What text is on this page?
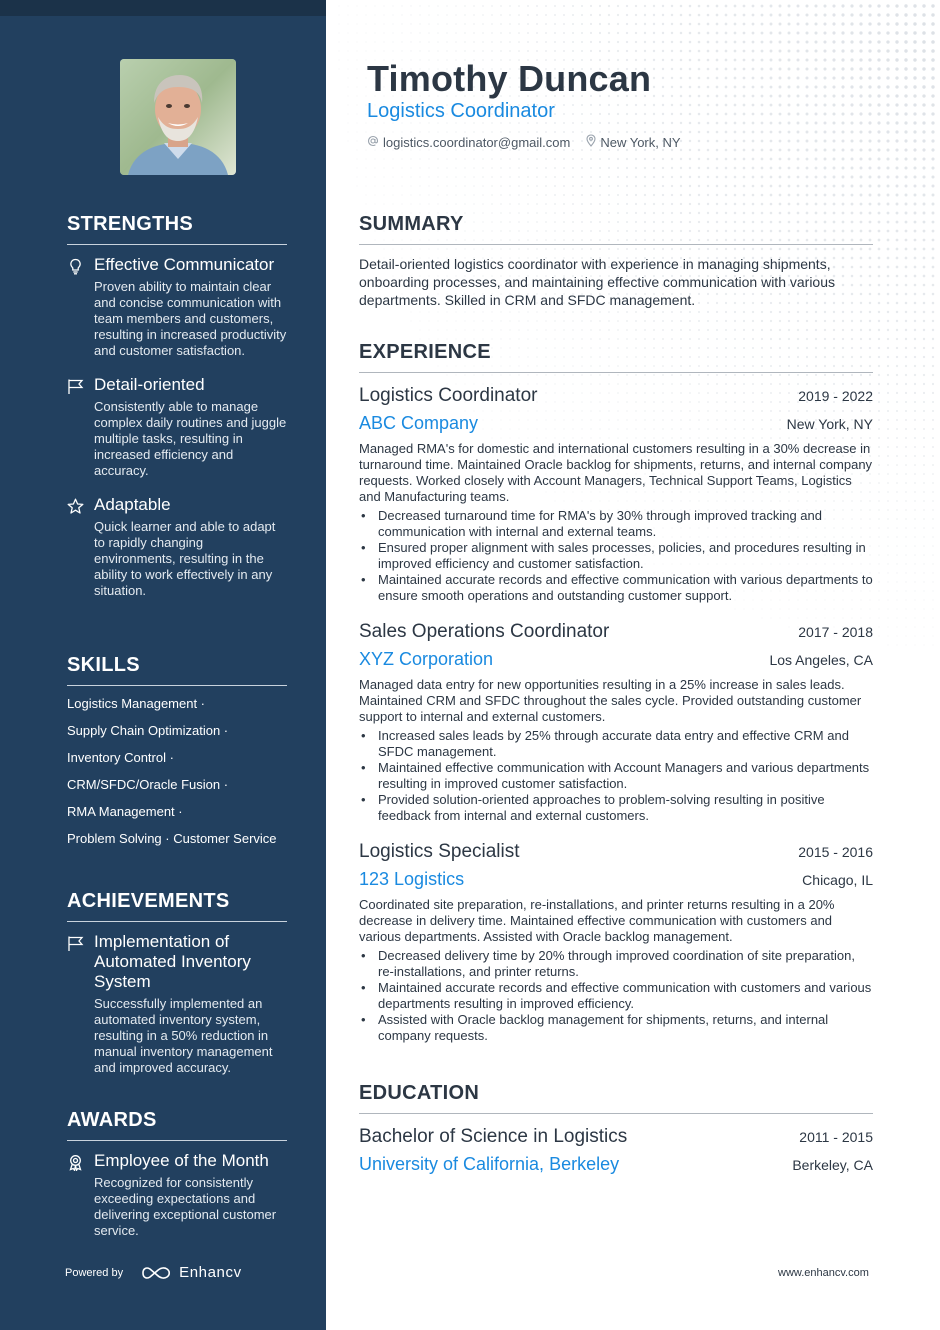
STRENGTHS
Effective Communicator
Proven ability to maintain clear and concise communication with team members and customers, resulting in increased productivity and customer satisfaction.
Detail-oriented
Consistently able to manage complex daily routines and juggle multiple tasks, resulting in increased efficiency and accuracy.
Adaptable
Quick learner and able to adapt to rapidly changing environments, resulting in the ability to work effectively in any situation.
SKILLS
Logistics Management ·
Supply Chain Optimization ·
Inventory Control ·
CRM/SFDC/Oracle Fusion ·
RMA Management ·
Problem Solving · Customer Service
ACHIEVEMENTS
Implementation of Automated Inventory System
Successfully implemented an automated inventory system, resulting in a 50% reduction in manual inventory management and improved accuracy.
AWARDS
Employee of the Month
Recognized for consistently exceeding expectations and delivering exceptional customer service.
Powered by	Enhancv
Timothy Duncan
Logistics Coordinator
logistics.coordinator@gmail.com New York, NY
SUMMARY

Detail-oriented logistics coordinator with experience in managing shipments, onboarding processes, and maintaining effective communication with various departments. Skilled in CRM and SFDC management.

EXPERIENCE
Logistics Coordinator	2019 - 2022
ABC Company	New York, NY

Managed RMA's for domestic and international customers resulting in a 30% decrease in turnaround time. Maintained Oracle backlog for shipments, returns, and internal company requests. Worked closely with Account Managers, Technical Support Teams, Logistics and Manufacturing teams.

• Decreased turnaround time for RMA's by 30% through improved tracking and communication with internal and external teams.
• Ensured proper alignment with sales processes, policies, and procedures resulting in improved efficiency and customer satisfaction.
• Maintained accurate records and effective communication with various departments to ensure smooth operations and outstanding customer support.
Sales Operations Coordinator	2017 - 2018
XYZ Corporation	Los Angeles, CA

Managed data entry for new opportunities resulting in a 25% increase in sales leads. Maintained CRM and SFDC throughout the sales cycle. Provided outstanding customer support to internal and external customers.

• Increased sales leads by 25% through accurate data entry and effective CRM and SFDC management.
• Maintained effective communication with Account Managers and various departments resulting in improved customer satisfaction.
• Provided solution-oriented approaches to problem-solving resulting in positive feedback from internal and external customers.
Logistics Specialist	2015 - 2016
123 Logistics	Chicago, IL

Coordinated site preparation, re-installations, and printer returns resulting in a 20% decrease in delivery time. Maintained effective communication with customers and various departments. Assisted with Oracle backlog management.

• Decreased delivery time by 20% through improved coordination of site preparation, re-installations, and printer returns.
• Maintained accurate records and effective communication with customers and various departments resulting in improved efficiency.
• Assisted with Oracle backlog management for shipments, returns, and internal company requests.
EDUCATION
Bachelor of Science in Logistics	2011 - 2015
University of California, Berkeley	Berkeley, CA
www.enhancv.com
